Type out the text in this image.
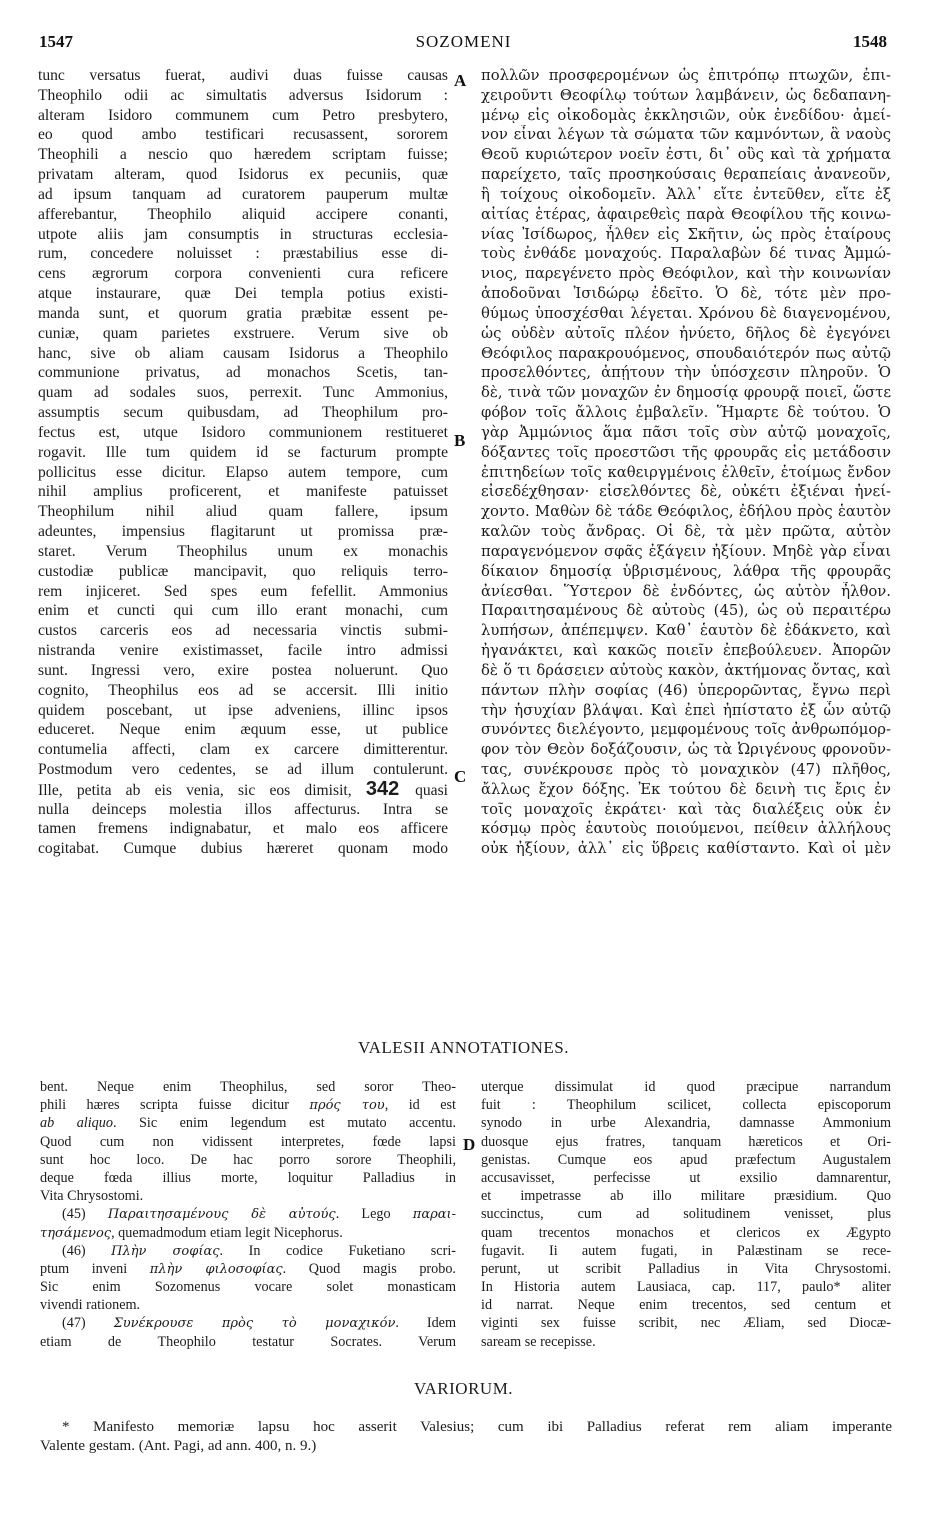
1547	SOZOMENI	1548
tunc versatus fuerat, audivi duas fuisse causas
Theophilo odii ac simultatis adversus Isidorum :
alteram Isidoro communem cum Petro presbytero,
eo quod ambo testificari recusassent, sororem
Theophili a nescio quo hæredem scriptam fuisse;
privatam alteram, quod Isidorus ex pecuniis, quæ
ad ipsum tanquam ad curatorem pauperum multæ
afferebantur, Theophilo aliquid accipere conanti,
utpote aliis jam consumptis in structuras ecclesia-
rum, concedere noluisset : præstabilius esse di-
cens ægrorum corpora convenienti cura reficere
atque instaurare, quæ Dei templa potius existi-
manda sunt, et quorum gratia præbitæ essent pe-
cuniæ, quam parietes exstruere. Verum sive ob
hanc, sive ob aliam causam Isidorus a Theophilo
communione privatus, ad monachos Scetis, tan-
quam ad sodales suos, perrexit. Tunc Ammonius,
assumptis secum quibusdam, ad Theophilum pro-
fectus est, utque Isidoro communionem restitueret
rogavit. Ille tum quidem id se facturum prompte
pollicitus esse dicitur. Elapso autem tempore, cum
nihil amplius proficerent, et manifeste patuisset
Theophilum nihil aliud quam fallere, ipsum
adeuntes, impensius flagitarunt ut promissa præ-
staret. Verum Theophilus unum ex monachis
custodiæ publicæ mancipavit, quo reliquis terro-
rem injiceret. Sed spes eum fefellit. Ammonius
enim et cuncti qui cum illo erant monachi, cum
custos carceris eos ad necessaria vinctis submi-
nistranda venire existimasset, facile intro admissi
sunt. Ingressi vero, exire postea noluerunt. Quo
cognito, Theophilus eos ad se accersit. Illi initio
quidem poscebant, ut ipse adveniens, illinc ipsos
educeret. Neque enim æquum esse, ut publice
contumelia affecti, clam ex carcere dimitterentur.
Postmodum vero cedentes, se ad illum contulerunt.
Ille, petita ab eis venia, sic eos dimisit, 342 quasi
nulla deinceps molestia illos affecturus. Intra se
tamen fremens indignabatur, et malo eos afficere
cogitabat. Cumque dubius hæreret quonam modo
πολλῶν προσφερομένων ὡς ἐπιτρόπῳ πτωχῶν, ἐπι-
χειροῦντι Θεοφίλῳ τούτων λαμβάνειν, ὡς δεδαπανη-
μένῳ εἰς οἰκοδομὰς ἐκκλησιῶν, οὐκ ἐνεδίδου· ἀμεί-
νον εἶναι λέγων τὰ σώματα τῶν καμνόντων, ἃ ναοὺς
Θεοῦ κυριώτερον νοεῖν ἐστι, δι᾽ οὓς καὶ τὰ χρήματα
παρείχετο, ταῖς προσηκούσαις θεραπείαις ἀνανεοῦν,
ἢ τοίχους οἰκοδομεῖν. Ἀλλ᾽ εἴτε ἐντεῦθεν, εἴτε ἐξ
αἰτίας ἑτέρας, ἀφαιρεθεὶς παρὰ Θεοφίλου τῆς κοινω-
νίας Ἰσίδωρος, ἦλθεν εἰς Σκῆτιν, ὡς πρὸς ἑταίρους
τοὺς ἐνθάδε μοναχούς. Παραλαβὼν δέ τινας Ἀμμώ-
νιος, παρεγένετο πρὸς Θεόφιλον, καὶ τὴν κοινωνίαν
ἀποδοῦναι Ἰσιδώρῳ ἐδεῖτο. Ὁ δὲ, τότε μὲν προ-
θύμως ὑποσχέσθαι λέγεται. Χρόνου δὲ διαγενομένου,
ὡς οὐδὲν αὐτοῖς πλέον ἠνύετο, δῆλος δὲ ἐγεγόνει
Θεόφιλος παρακρουόμενος, σπουδαιότερόν πως αὐτῷ
προσελθόντες, ἀπῄτουν τὴν ὑπόσχεσιν πληροῦν. Ὁ
δὲ, τινὰ τῶν μοναχῶν ἐν δημοσίᾳ φρουρᾷ ποιεῖ, ὥστε
φόβον τοῖς ἄλλοις ἐμβαλεῖν. Ἥμαρτε δὲ τούτου. Ὁ
γὰρ Ἀμμώνιος ἅμα πᾶσι τοῖς σὺν αὐτῷ μοναχοῖς,
δόξαντες τοῖς προεστῶσι τῆς φρουρᾶς εἰς μετάδοσιν
ἐπιτηδείων τοῖς καθειργμένοις ἐλθεῖν, ἑτοίμως ἔνδον
εἰσεδέχθησαν· εἰσελθόντες δὲ, οὐκέτι ἐξιέναι ἠνεί-
χοντο. Μαθὼν δὲ τάδε Θεόφιλος, ἐδήλου πρὸς ἑαυτὸν
καλῶν τοὺς ἄνδρας. Οἱ δὲ, τὰ μὲν πρῶτα, αὐτὸν
παραγενόμενον σφᾶς ἐξάγειν ἠξίουν. Μηδὲ γὰρ εἶναι
δίκαιον δημοσίᾳ ὑβρισμένους, λάθρα τῆς φρουρᾶς
ἀνίεσθαι. Ὕστερον δὲ ἐνδόντες, ὡς αὐτὸν ἦλθον.
Παραιτησαμένους δὲ αὐτοὺς (45), ὡς οὐ περαιτέρω
λυπήσων, ἀπέπεμψεν. Καθ᾽ ἑαυτὸν δὲ ἐδάκνετο, καὶ
ἠγανάκτει, καὶ κακῶς ποιεῖν ἐπεβούλευεν. Ἀπορῶν
δὲ ὅ τι δράσειεν αὐτοὺς κακὸν, ἀκτήμονας ὄντας, καὶ
πάντων πλὴν σοφίας (46) ὑπερορῶντας, ἔγνω περὶ
τὴν ἡσυχίαν βλάψαι. Καὶ ἐπεὶ ἠπίστατο ἐξ ὧν αὐτῷ
συνόντες διελέγοντο, μεμφομένους τοῖς ἀνθρωπόμορ-
φον τὸν Θεὸν δοξάζουσιν, ὡς τὰ Ὠριγένους φρονοῦν-
τας, συνέκρουσε πρὸς τὸ μοναχικὸν (47) πλῆθος,
ἄλλως ἔχον δόξης. Ἐκ τούτου δὲ δεινὴ τις ἔρις ἐν
τοῖς μοναχοῖς ἐκράτει· καὶ τὰς διαλέξεις οὐκ ἐν
κόσμῳ πρὸς ἑαυτοὺς ποιούμενοι, πείθειν ἀλλήλους
οὐκ ἠξίουν, ἀλλ᾽ εἰς ὕβρεις καθίσταντο. Καὶ οἱ μὲν
A
B
C
D
VALESII ANNOTATIONES.
bent. Neque enim Theophilus, sed soror Theo-
phili hæres scripta fuisse dicitur πρός του, id est
ab aliquo. Sic enim legendum est mutato accentu.
Quod cum non vidissent interpretes, fœde lapsi
sunt hoc loco. De hac porro sorore Theophili,
deque fœda illius morte, loquitur Palladius in
Vita Chrysostomi.
(45) Παραιτησαμένους δὲ αὐτούς. Lego παραι-
τησάμενος, quemadmodum etiam legit Nicephorus.
(46) Πλὴν σοφίας. In codice Fuketiano scri-
ptum inveni πλὴν φιλοσοφίας. Quod magis probo.
Sic enim Sozomenus vocare solet monasticam
vivendi rationem.
(47) Συνέκρουσε πρὸς τὸ μοναχικόν. Idem
etiam de Theophilo testatur Socrates. Verum
uterque dissimulat id quod præcipue narrandum
fuit : Theophilum scilicet, collecta episcoporum
synodo in urbe Alexandria, damnasse Ammonium
duosque ejus fratres, tanquam hæreticos et Ori-
genistas. Cumque eos apud præfectum Augustalem
accusavisset, perfecisse ut exsilio damnarentur,
et impetrasse ab illo militare præsidium. Quo
succinctus, cum ad solitudinem venisset, plus
quam trecentos monachos et clericos ex Ægypto
fugavit. Ii autem fugati, in Palæstinam se rece-
perunt, ut scribit Palladius in Vita Chrysostomi.
In Historia autem Lausiaca, cap. 117, paulo* aliter
id narrat. Neque enim trecentos, sed centum et
viginti sex fuisse scribit, nec Æliam, sed Diocæ-
saream se recepisse.
VARIORUM.
* Manifesto memoriæ lapsu hoc asserit Valesius; cum ibi Palladius referat rem aliam imperante
Valente gestam. (Ant. Pagi, ad ann. 400, n. 9.)
